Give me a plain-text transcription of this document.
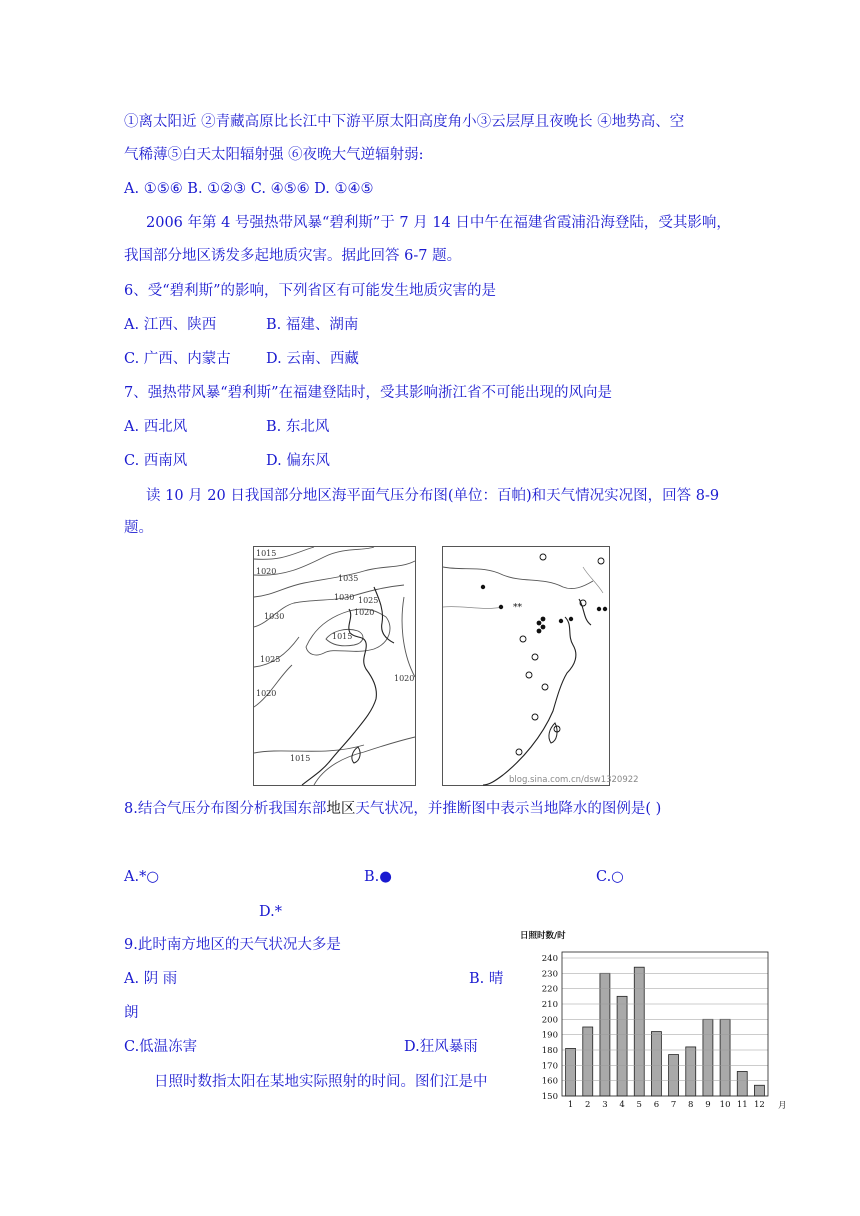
①离太阳近 ②青藏高原比长江中下游平原太阳高度角小③云层厚且夜晚长 ④地势高、空
气稀薄⑤白天太阳辐射强 ⑥夜晚大气逆辐射弱:
A. ①⑤⑥ B. ①②③ C. ④⑤⑥ D. ①④⑤
2006 年第 4 号强热带风暴“碧利斯”于 7 月 14 日中午在福建省霞浦沿海登陆，受其影响，
我国部分地区诱发多起地质灾害。据此回答 6-7 题。
6、受“碧利斯”的影响，下列省区有可能发生地质灾害的是
A. 江西、陕西	B. 福建、湖南
C. 广西、内蒙古 D. 云南、西藏
7、强热带风暴“碧利斯”在福建登陆时，受其影响浙江省不可能出现的风向是
A. 西北风	B. 东北风
C. 西南风	D. 偏东风
读 10 月 20 日我国部分地区海平面气压分布图(单位：百帕)和天气情况实况图，回答 8-9
题。
1015
1020
1035
1030 1025
1020
1030
1015
1025
1020
1020
1015
**
blog.sina.com.cn/dsw1320922
8.结合气压分布图分析我国东部地区天气状况，并推断图中表示当地降水的图例是( )
A.*○	B.●	C.○
D.*
9.此时南方地区的天气状况大多是
A. 阴 雨	B. 晴
朗
C.低温冻害	D.狂风暴雨
日照时数指太阳在某地实际照射的时间。图们江是中
日照时数/时
150
160
170
180
190
200
210
220
230
240
1 2 3 4 5 6 7 8 9 10 11 12 月
